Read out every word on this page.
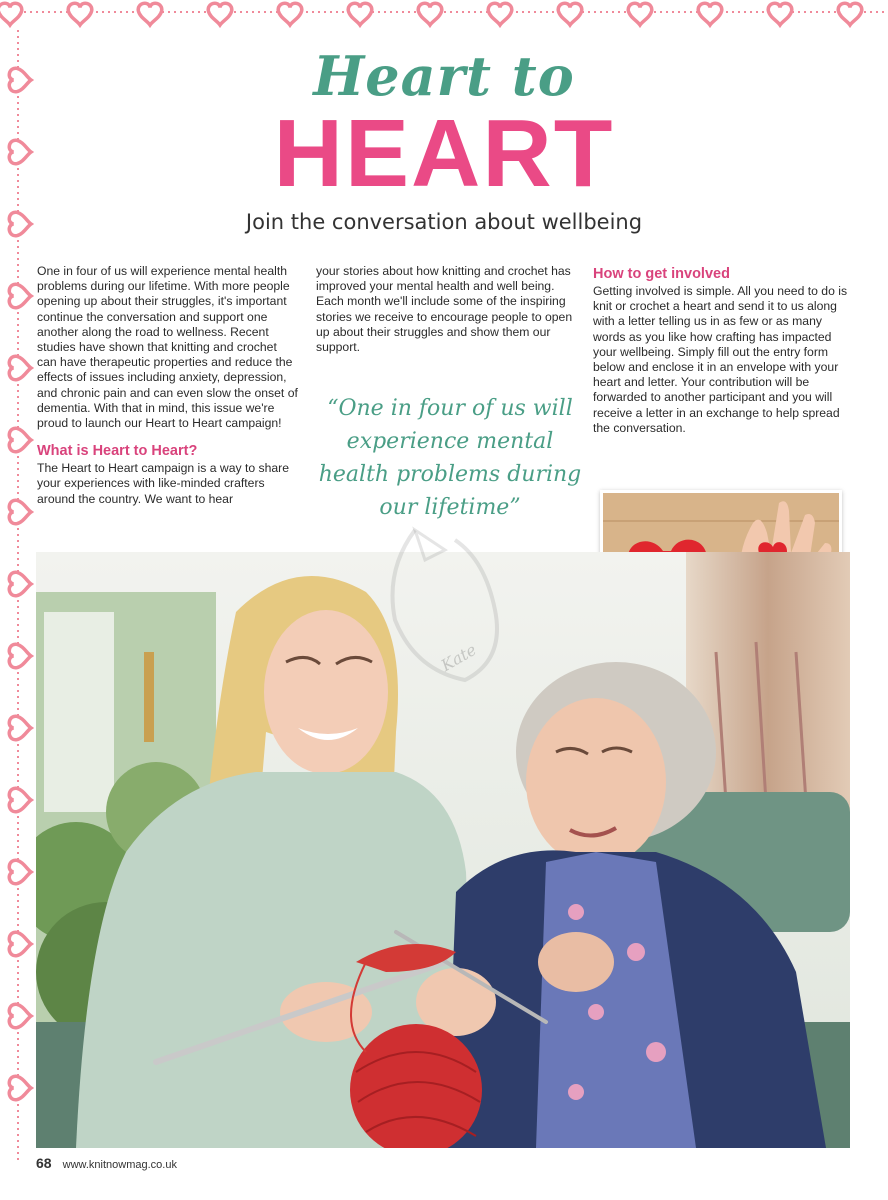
Heart to
HEART
Join the conversation about wellbeing

One in four of us will experience mental health problems during our lifetime. With more people opening up about their struggles, it's important continue the conversation and support one another along the road to wellness. Recent studies have shown that knitting and crochet can have therapeutic properties and reduce the effects of issues including anxiety, depression, and chronic pain and can even slow the onset of dementia. With that in mind, this issue we're proud to launch our Heart to Heart campaign!

What is Heart to Heart?

The Heart to Heart campaign is a way to share your experiences with like-minded crafters around the country. We want to hear

your stories about how knitting and crochet has improved your mental health and well being. Each month we'll include some of the inspiring stories we receive to encourage people to open up about their struggles and show them our support.

“One in four of us will experience mental health problems during our lifetime”
How to get involved

Getting involved is simple. All you need to do is knit or crochet a heart and send it to us along with a letter telling us in as few or as many words as you like how crafting has impacted your wellbeing. Simply fill out the entry form below and enclose it in an envelope with your heart and letter. Your contribution will be forwarded to another participant and you will receive a letter in an exchange to help spread the conversation.

Kate
68 www.knitnowmag.co.uk
